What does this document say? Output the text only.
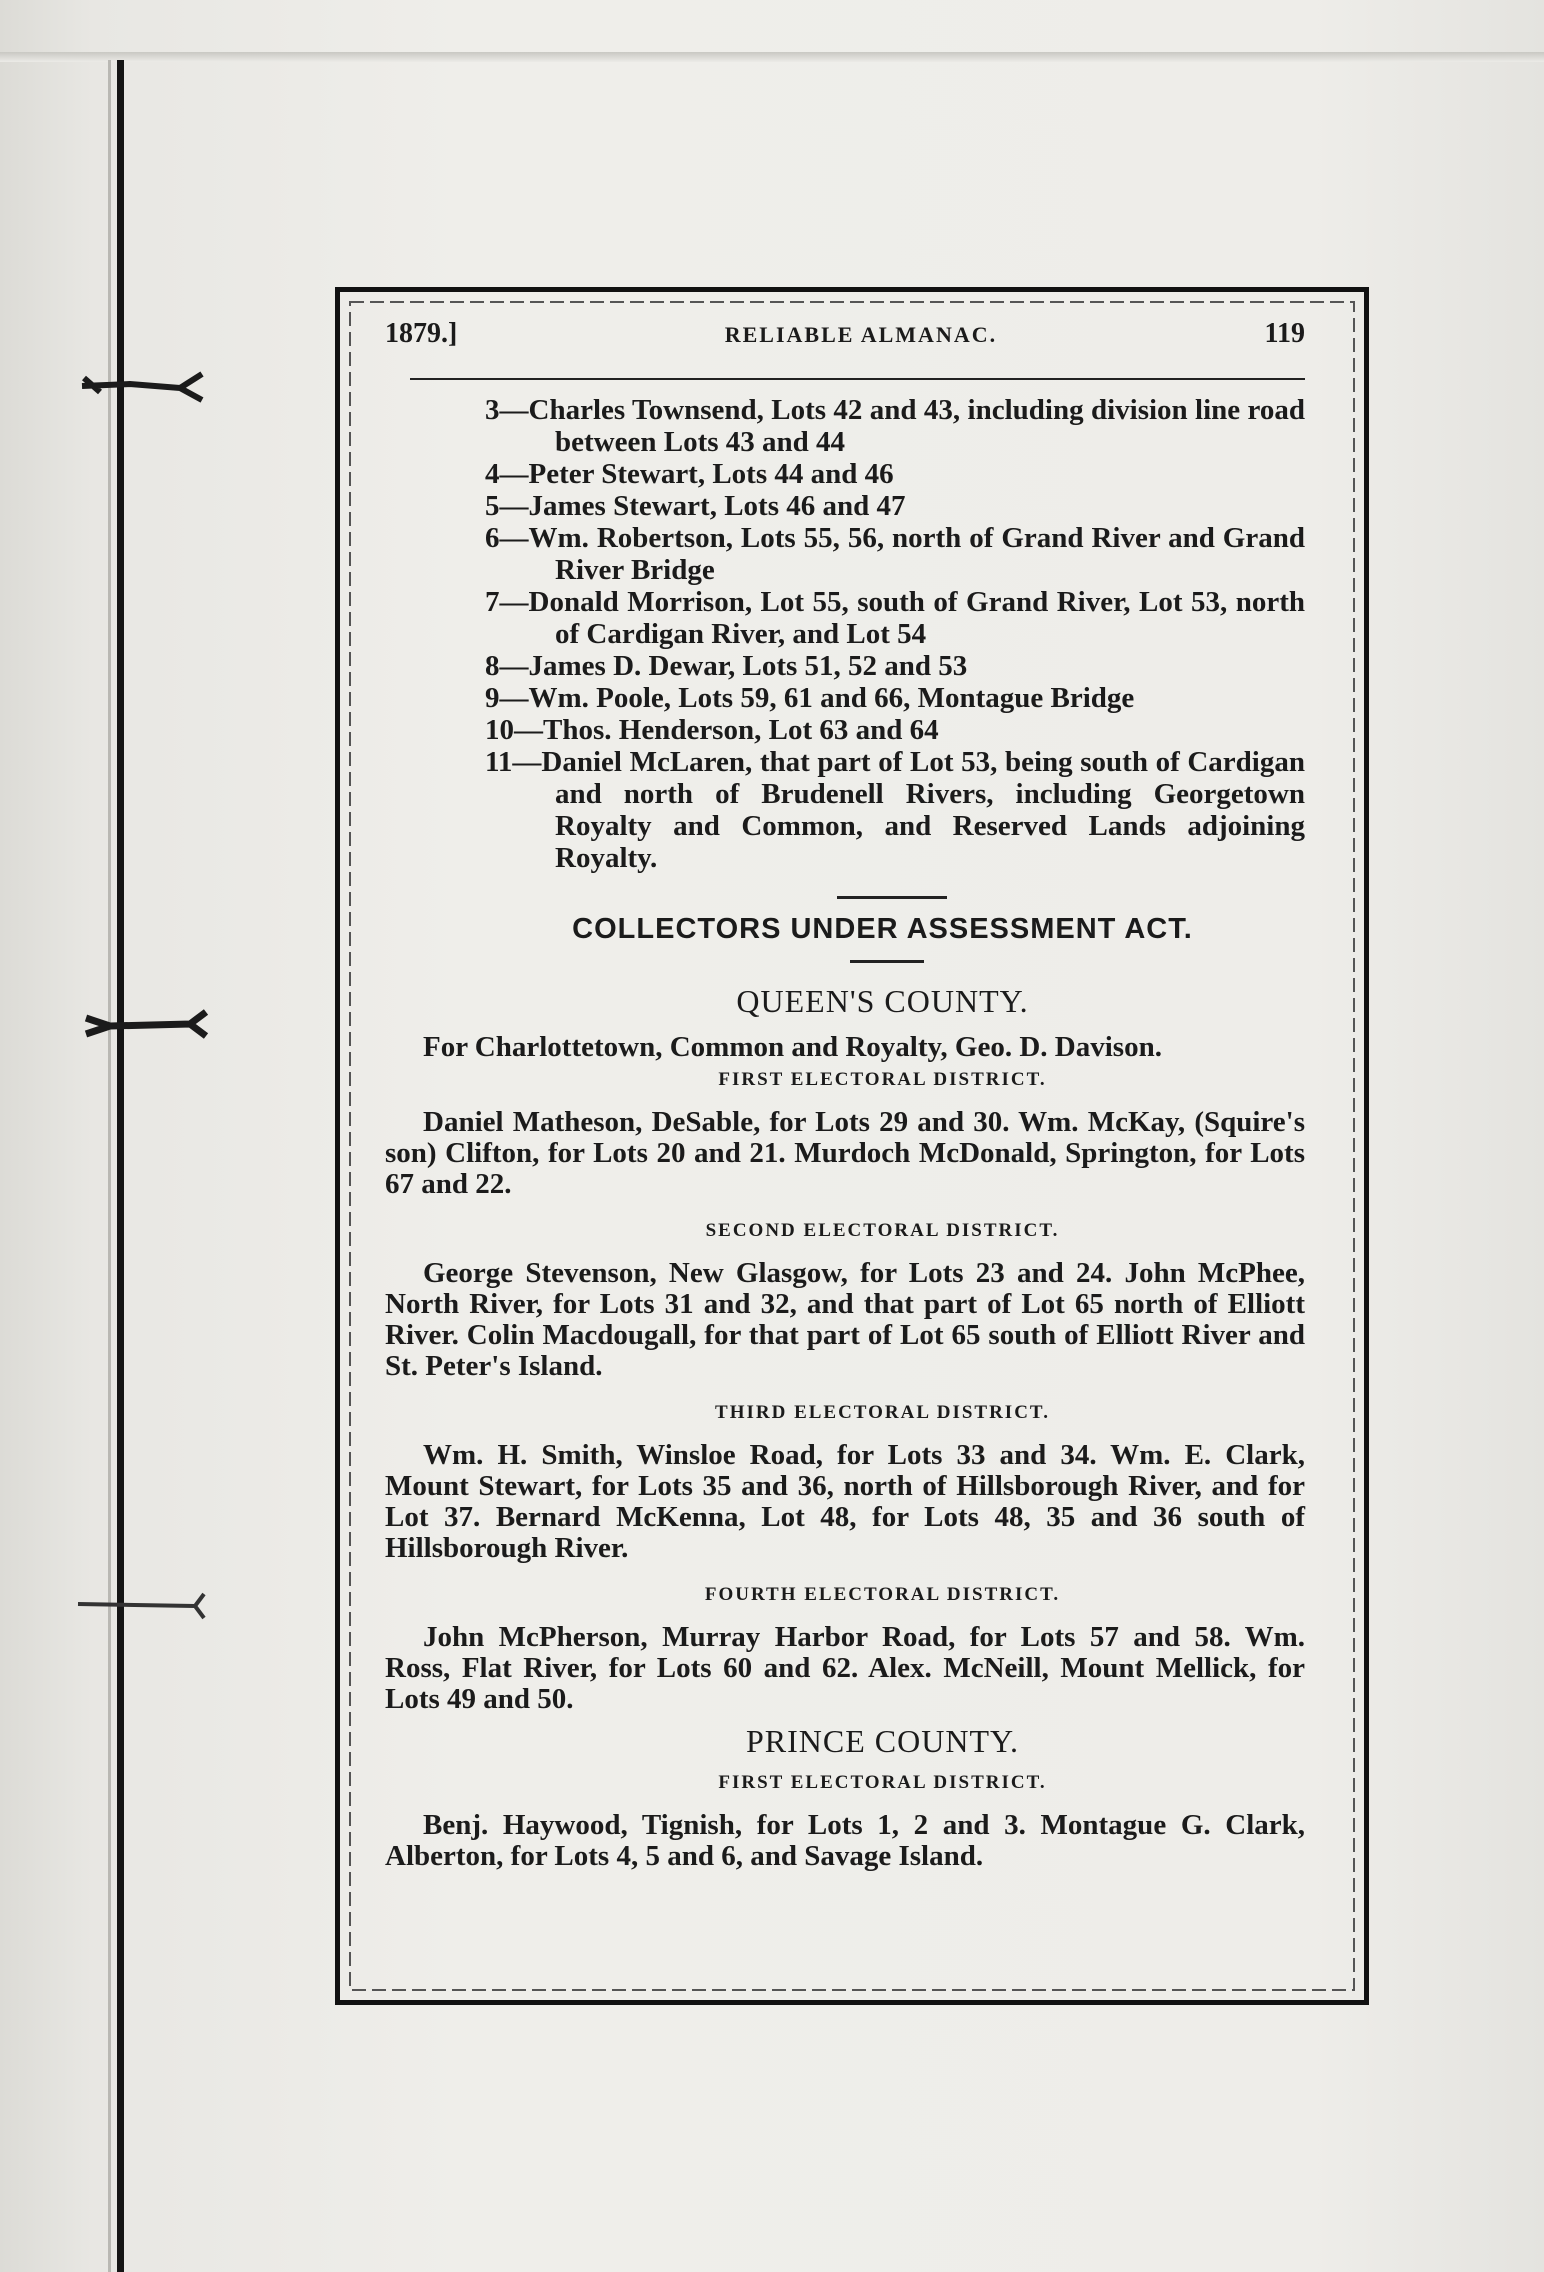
1879.]	RELIABLE ALMANAC.	119
3—Charles Townsend, Lots 42 and 43, including division line road between Lots 43 and 44
4—Peter Stewart, Lots 44 and 46
5—James Stewart, Lots 46 and 47
6—Wm. Robertson, Lots 55, 56, north of Grand River and Grand River Bridge
7—Donald Morrison, Lot 55, south of Grand River, Lot 53, north of Cardigan River, and Lot 54
8—James D. Dewar, Lots 51, 52 and 53
9—Wm. Poole, Lots 59, 61 and 66, Montague Bridge
10—Thos. Henderson, Lot 63 and 64
11—Daniel McLaren, that part of Lot 53, being south of Cardigan and north of Brudenell Rivers, including Georgetown Royalty and Common, and Reserved Lands adjoining Royalty.
COLLECTORS UNDER ASSESSMENT ACT.
QUEEN'S COUNTY.
For Charlottetown, Common and Royalty, Geo. D. Davison.
FIRST ELECTORAL DISTRICT.
Daniel Matheson, DeSable, for Lots 29 and 30. Wm. McKay, (Squire's son) Clifton, for Lots 20 and 21. Murdoch McDonald, Springton, for Lots 67 and 22.
SECOND ELECTORAL DISTRICT.
George Stevenson, New Glasgow, for Lots 23 and 24. John McPhee, North River, for Lots 31 and 32, and that part of Lot 65 north of Elliott River. Colin Macdougall, for that part of Lot 65 south of Elliott River and St. Peter's Island.
THIRD ELECTORAL DISTRICT.
Wm. H. Smith, Winsloe Road, for Lots 33 and 34. Wm. E. Clark, Mount Stewart, for Lots 35 and 36, north of Hillsborough River, and for Lot 37. Bernard McKenna, Lot 48, for Lots 48, 35 and 36 south of Hillsborough River.
FOURTH ELECTORAL DISTRICT.
John McPherson, Murray Harbor Road, for Lots 57 and 58. Wm. Ross, Flat River, for Lots 60 and 62. Alex. McNeill, Mount Mellick, for Lots 49 and 50.
PRINCE COUNTY.
FIRST ELECTORAL DISTRICT.
Benj. Haywood, Tignish, for Lots 1, 2 and 3. Montague G. Clark, Alberton, for Lots 4, 5 and 6, and Savage Island.
